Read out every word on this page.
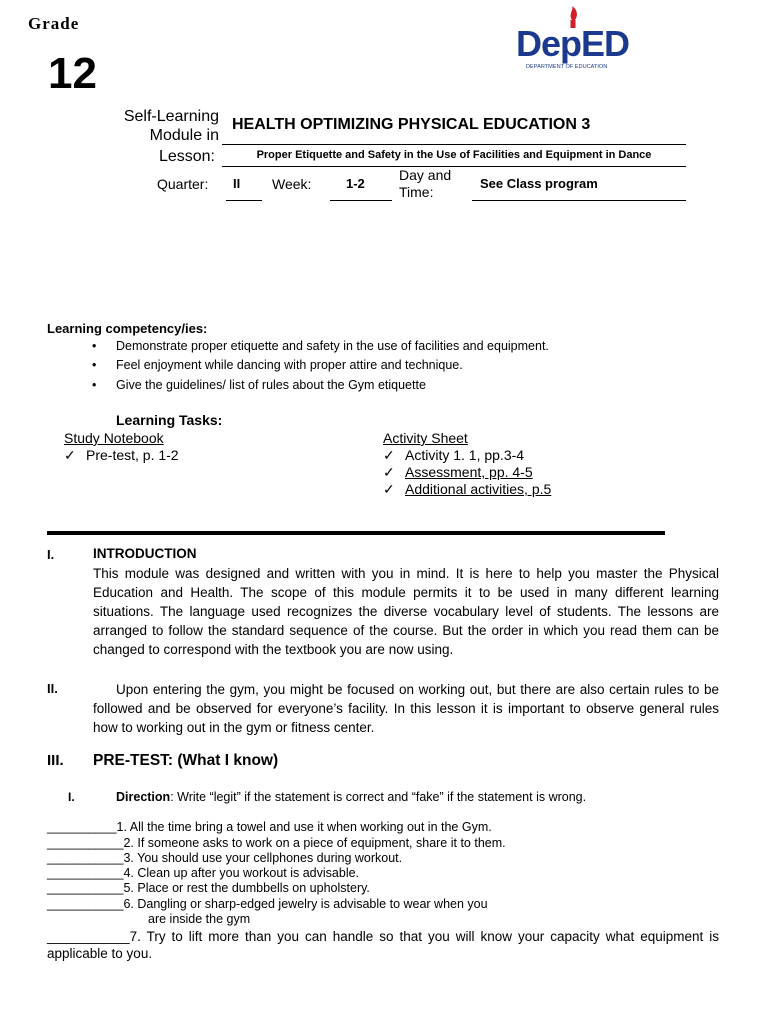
Grade
12
DepED
DEPARTMENT OF EDUCATION
Self-Learning
Module in
Lesson:
HEALTH OPTIMIZING PHYSICAL EDUCATION 3
Proper Etiquette and Safety in the Use of Facilities and Equipment in Dance
Quarter: II Week:	1-2
Day and
Time:
See Class program
Learning competency/ies:
• Demonstrate proper etiquette and safety in the use of facilities and equipment.
• Feel enjoyment while dancing with proper attire and technique.
• Give the guidelines/ list of rules about the Gym etiquette
Learning Tasks:
Study Notebook
✓ Pre-test, p. 1-2
Activity Sheet
✓ Activity 1. 1, pp.3-4
✓ Assessment, pp. 4-5
✓ Additional activities, p.5
I.	INTRODUCTION
This module was designed and written with you in mind. It is here to help you master the Physical Education and Health. The scope of this module permits it to be used in many different learning situations. The language used recognizes the diverse vocabulary level of students. The lessons are arranged to follow the standard sequence of the course. But the order in which you read them can be changed to correspond with the textbook you are now using.
II.	Upon entering the gym, you might be focused on working out, but there are also certain rules to be followed and be observed for everyone’s facility. In this lesson it is important to observe general rules how to working out in the gym or fitness center.
III. PRE-TEST: (What I know)
I.	Direction: Write “legit” if the statement is correct and “fake” if the statement is wrong.
__________1. All the time bring a towel and use it when working out in the Gym.
___________2. If someone asks to work on a piece of equipment, share it to them.
___________3. You should use your cellphones during workout.
___________4. Clean up after you workout is advisable.
___________5. Place or rest the dumbbells on upholstery.
___________6. Dangling or sharp-edged jewelry is advisable to wear when you
are inside the gym
___________7. Try to lift more than you can handle so that you will know your capacity what equipment is applicable to you.
